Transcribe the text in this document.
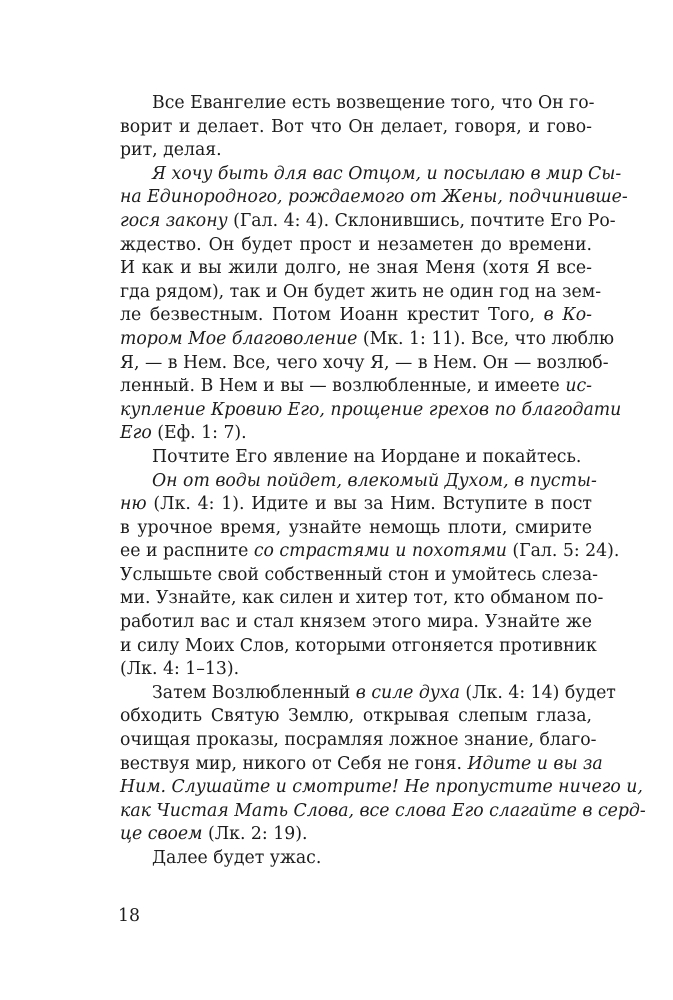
Все Евангелие есть возвещение того, что Он го-
ворит и делает. Вот что Он делает, говоря, и гово-
рит, делая.
Я хочу быть для вас Отцом, и посылаю в мир Сы-
на Единородного, рождаемого от Жены, подчинивше-
гося закону (Гал. 4: 4). Склонившись, почтите Его Ро-
ждество. Он будет прост и незаметен до времени.
И как и вы жили долго, не зная Меня (хотя Я все-
гда рядом), так и Он будет жить не один год на зем-
ле безвестным. Потом Иоанн крестит Того, в Ко-
тором Мое благоволение (Мк. 1: 11). Все, что люблю
Я, — в Нем. Все, чего хочу Я, — в Нем. Он — возлюб-
ленный. В Нем и вы — возлюбленные, и имеете ис-
купление Кровию Его, прощение грехов по благодати
Его (Еф. 1: 7).
Почтите Его явление на Иордане и покайтесь.
Он от воды пойдет, влекомый Духом, в пусты-
ню (Лк. 4: 1). Идите и вы за Ним. Вступите в пост
в урочное время, узнайте немощь плоти, смирите
ее и распните со страстями и похотями (Гал. 5: 24).
Услышьте свой собственный стон и умойтесь слеза-
ми. Узнайте, как силен и хитер тот, кто обманом по-
работил вас и стал князем этого мира. Узнайте же
и силу Моих Слов, которыми отгоняется противник
(Лк. 4: 1–13).
Затем Возлюбленный в силе духа (Лк. 4: 14) будет
обходить Святую Землю, открывая слепым глаза,
очищая проказы, посрамляя ложное знание, благо-
вествуя мир, никого от Себя не гоня. Идите и вы за
Ним. Слушайте и смотрите! Не пропустите ничего и,
как Чистая Мать Слова, все слова Его слагайте в серд-
це своем (Лк. 2: 19).
Далее будет ужас.
18
